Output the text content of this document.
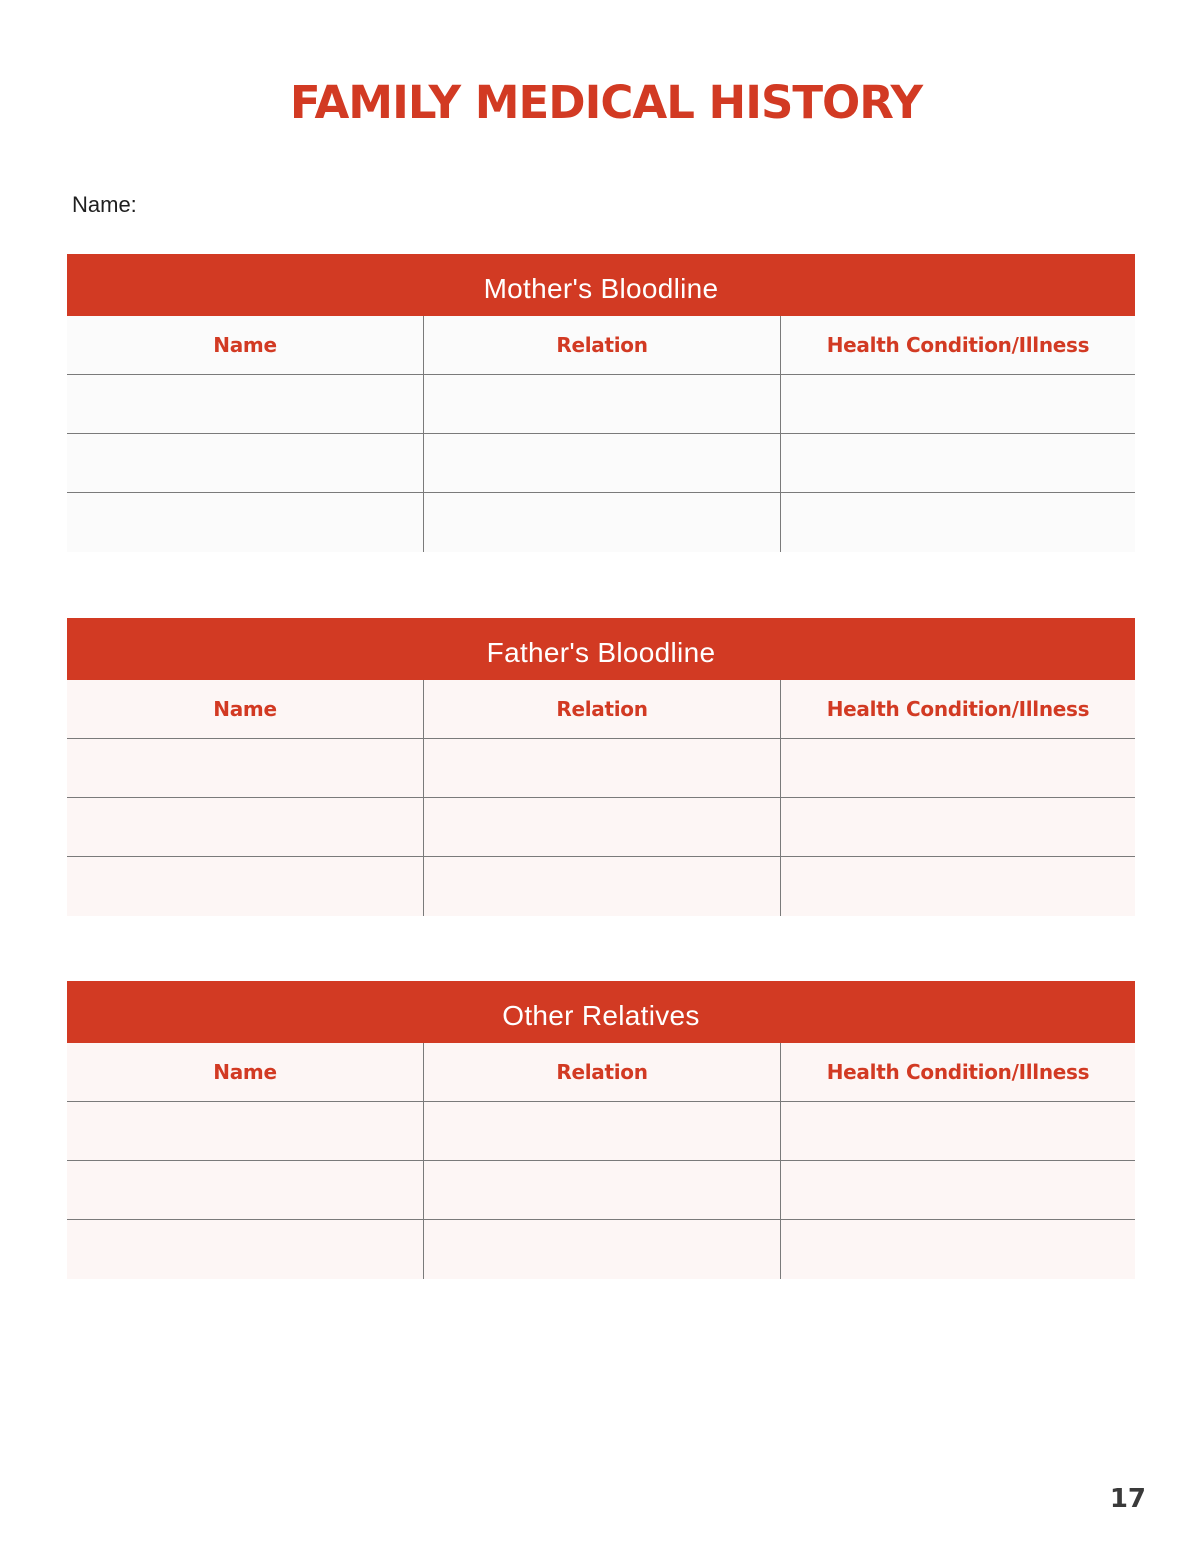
FAMILY MEDICAL HISTORY
Name:
Mother's Bloodline
Name	Relation	Health Condition/Illness
Father's Bloodline
Name	Relation	Health Condition/Illness
Other Relatives
Name	Relation	Health Condition/Illness
17
